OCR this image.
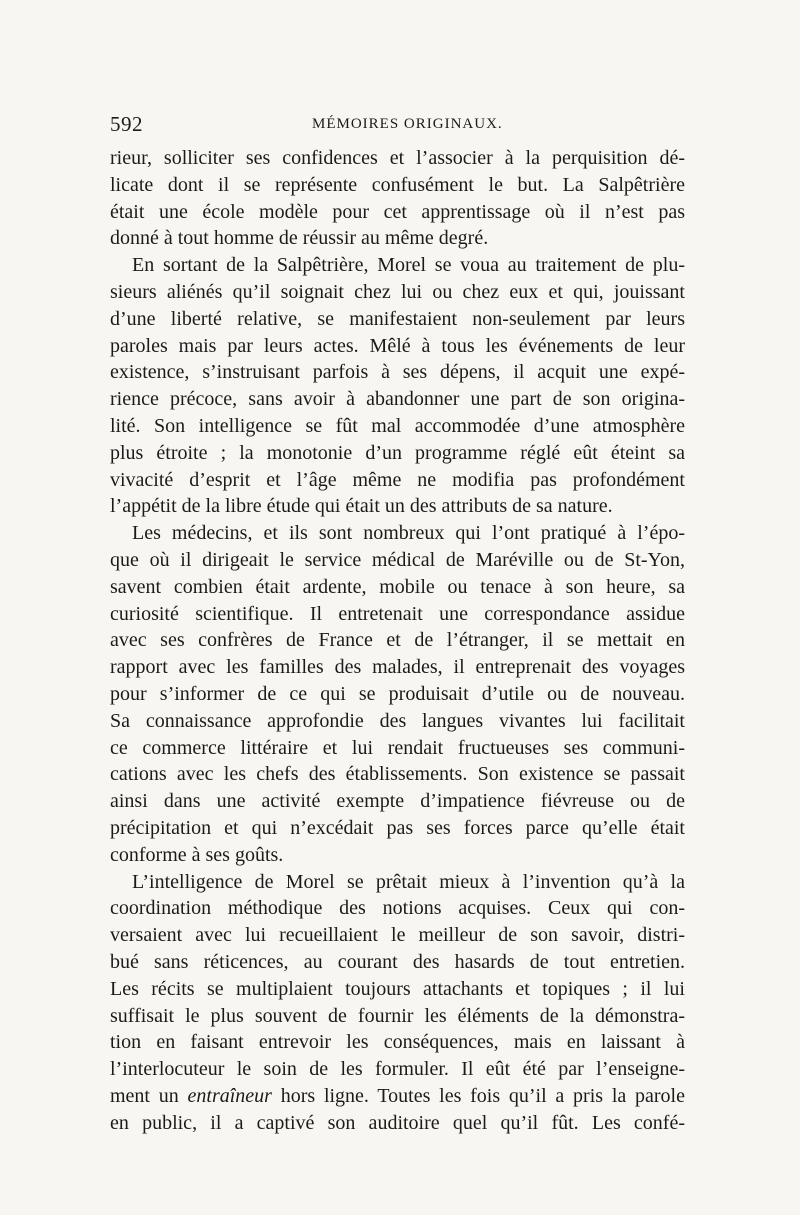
592	MÉMOIRES ORIGINAUX.
rieur, solliciter ses confidences et l’associer à la perquisition dé-
licate dont il se représente confusément le but. La Salpêtrière
était une école modèle pour cet apprentissage où il n’est pas
donné à tout homme de réussir au même degré.
En sortant de la Salpêtrière, Morel se voua au traitement de plu-
sieurs aliénés qu’il soignait chez lui ou chez eux et qui, jouissant
d’une liberté relative, se manifestaient non-seulement par leurs
paroles mais par leurs actes. Mêlé à tous les événements de leur
existence, s’instruisant parfois à ses dépens, il acquit une expé-
rience précoce, sans avoir à abandonner une part de son origina-
lité. Son intelligence se fût mal accommodée d’une atmosphère
plus étroite ; la monotonie d’un programme réglé eût éteint sa
vivacité d’esprit et l’âge même ne modifia pas profondément
l’appétit de la libre étude qui était un des attributs de sa nature.
Les médecins, et ils sont nombreux qui l’ont pratiqué à l’épo-
que où il dirigeait le service médical de Maréville ou de St-Yon,
savent combien était ardente, mobile ou tenace à son heure, sa
curiosité scientifique. Il entretenait une correspondance assidue
avec ses confrères de France et de l’étranger, il se mettait en
rapport avec les familles des malades, il entreprenait des voyages
pour s’informer de ce qui se produisait d’utile ou de nouveau.
Sa connaissance approfondie des langues vivantes lui facilitait
ce commerce littéraire et lui rendait fructueuses ses communi-
cations avec les chefs des établissements. Son existence se passait
ainsi dans une activité exempte d’impatience fiévreuse ou de
précipitation et qui n’excédait pas ses forces parce qu’elle était
conforme à ses goûts.
L’intelligence de Morel se prêtait mieux à l’invention qu’à la
coordination méthodique des notions acquises. Ceux qui con-
versaient avec lui recueillaient le meilleur de son savoir, distri-
bué sans réticences, au courant des hasards de tout entretien.
Les récits se multiplaient toujours attachants et topiques ; il lui
suffisait le plus souvent de fournir les éléments de la démonstra-
tion en faisant entrevoir les conséquences, mais en laissant à
l’interlocuteur le soin de les formuler. Il eût été par l’enseigne-
ment un entraîneur hors ligne. Toutes les fois qu’il a pris la parole
en public, il a captivé son auditoire quel qu’il fût. Les confé-
